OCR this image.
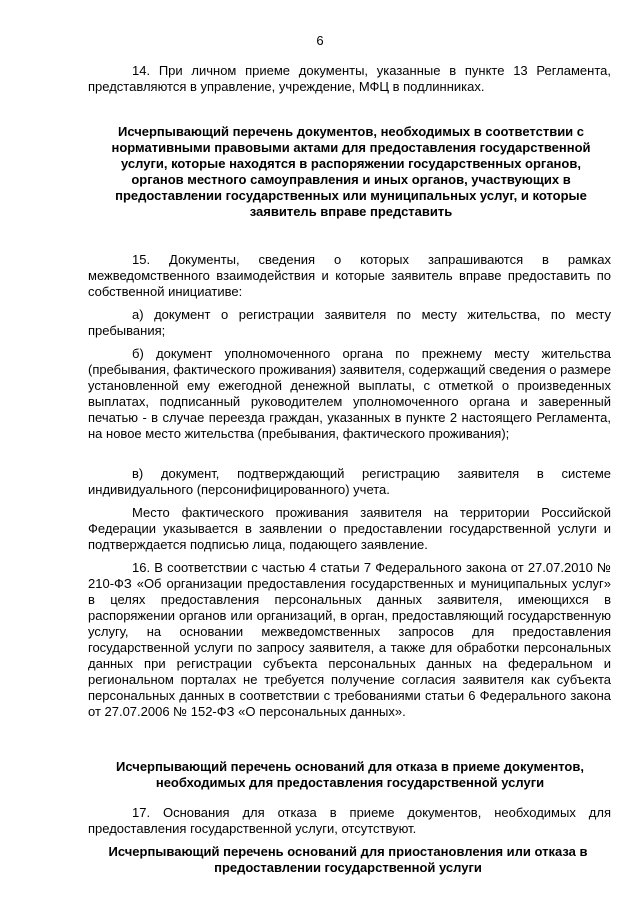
6

14. При личном приеме документы, указанные в пункте 13 Регламента, представляются в управление, учреждение, МФЦ в подлинниках.

Исчерпывающий перечень документов, необходимых в соответствии с нормативными правовыми актами для предоставления государственной услуги, которые находятся в распоряжении государственных органов, органов местного самоуправления и иных органов, участвующих в предоставлении государственных или муниципальных услуг, и которые заявитель вправе представить

15. Документы, сведения о которых запрашиваются в рамках межведомственного взаимодействия и которые заявитель вправе предоставить по собственной инициативе:

а) документ о регистрации заявителя по месту жительства, по месту пребывания;

б) документ уполномоченного органа по прежнему месту жительства (пребывания, фактического проживания) заявителя, содержащий сведения о размере установленной ему ежегодной денежной выплаты, с отметкой о произведенных выплатах, подписанный руководителем уполномоченного органа и заверенный печатью - в случае переезда граждан, указанных в пункте 2 настоящего Регламента, на новое место жительства (пребывания, фактического проживания);

в) документ, подтверждающий регистрацию заявителя в системе индивидуального (персонифицированного) учета.

Место фактического проживания заявителя на территории Российской Федерации указывается в заявлении о предоставлении государственной услуги и подтверждается подписью лица, подающего заявление.

16. В соответствии с частью 4 статьи 7 Федерального закона от 27.07.2010 № 210-ФЗ «Об организации предоставления государственных и муниципальных услуг» в целях предоставления персональных данных заявителя, имеющихся в распоряжении органов или организаций, в орган, предоставляющий государственную услугу, на основании межведомственных запросов для предоставления государственной услуги по запросу заявителя, а также для обработки персональных данных при регистрации субъекта персональных данных на федеральном и региональном порталах не требуется получение согласия заявителя как субъекта персональных данных в соответствии с требованиями статьи 6 Федерального закона от 27.07.2006 № 152-ФЗ «О персональных данных».

Исчерпывающий перечень оснований для отказа в приеме документов, необходимых для предоставления государственной услуги

17. Основания для отказа в приеме документов, необходимых для предоставления государственной услуги, отсутствуют.

Исчерпывающий перечень оснований для приостановления или отказа в предоставлении государственной услуги
